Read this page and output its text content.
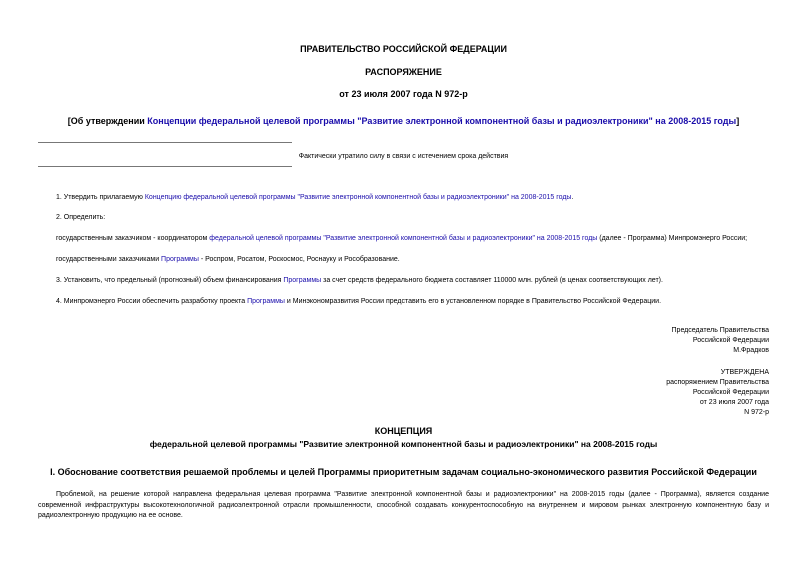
ПРАВИТЕЛЬСТВО РОССИЙСКОЙ ФЕДЕРАЦИИ
РАСПОРЯЖЕНИЕ
от 23 июля 2007 года N 972-р
[Об утверждении Концепции федеральной целевой программы "Развитие электронной компонентной базы и радиоэлектроники" на 2008-2015 годы]
Фактически утратило силу в связи с истечением срока действия
1. Утвердить прилагаемую Концепцию федеральной целевой программы "Развитие электронной компонентной базы и радиоэлектроники" на 2008-2015 годы.
2. Определить:
государственным заказчиком - координатором федеральной целевой программы "Развитие электронной компонентной базы и радиоэлектроники" на 2008-2015 годы (далее - Программа) Минпромэнерго России;
государственными заказчиками Программы - Роспром, Росатом, Роскосмос, Роснауку и Рособразование.
3. Установить, что предельный (прогнозный) объем финансирования Программы за счет средств федерального бюджета составляет 110000 млн. рублей (в ценах соответствующих лет).
4. Минпромэнерго России обеспечить разработку проекта Программы и Минэкономразвития России представить его в установленном порядке в Правительство Российской Федерации.
Председатель Правительства
Российской Федерации
М.Фрадков
УТВЕРЖДЕНА
распоряжением Правительства
Российской Федерации
от 23 июля 2007 года
N 972-р
КОНЦЕПЦИЯ
федеральной целевой программы "Развитие электронной компонентной базы и радиоэлектроники" на 2008-2015 годы
I. Обоснование соответствия решаемой проблемы и целей Программы приоритетным задачам социально-экономического развития Российской Федерации
Проблемой, на решение которой направлена федеральная целевая программа "Развитие электронной компонентной базы и радиоэлектроники" на 2008-2015 годы (далее - Программа), является создание современной инфраструктуры высокотехнологичной радиоэлектронной отрасли промышленности, способной создавать конкурентоспособную на внутреннем и мировом рынках электронную компонентную базу и радиоэлектронную продукцию на ее основе.
